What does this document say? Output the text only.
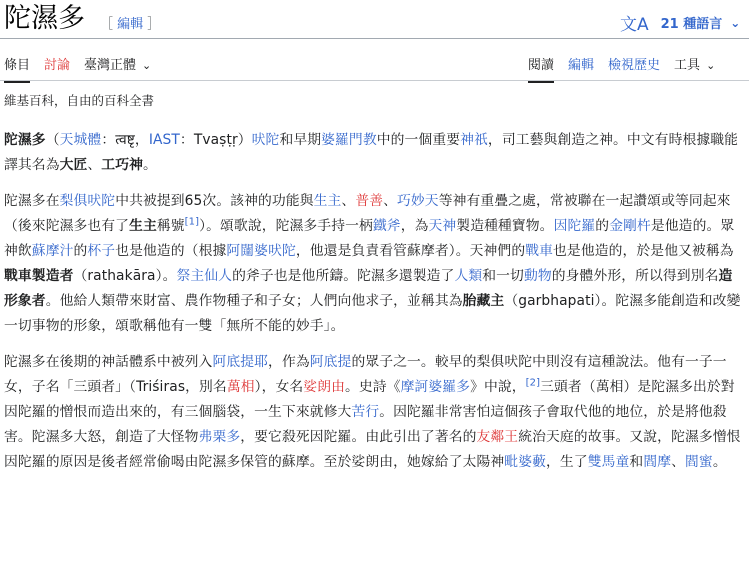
陀濕多 ［ 編輯 ］	文A 21 種語言 ⌄
條目 討論 臺灣正體 ⌄	閱讀 編輯 檢視歷史 工具 ⌄
維基百科，自由的百科全書

陀濕多（天城體：त्वष्टृ，IAST：Tvaṣṭṛ）吠陀和早期婆羅門教中的一個重要神祇，司工藝與創造之神。中文有時根據職能譯其名為大匠、工巧神。

陀濕多在梨俱吠陀中共被提到65次。該神的功能與生主、普善、巧妙天等神有重疊之處，常被聯在一起讚頌或等同起來（後來陀濕多也有了生主稱號[1]）。頌歌說，陀濕多手持一柄鐵斧，為天神製造種種寶物。因陀羅的金剛杵是他造的。眾神飲蘇摩汁的杯子也是他造的（根據阿闥婆吠陀，他還是負責看管蘇摩者）。天神們的戰車也是他造的，於是他又被稱為戰車製造者（rathakāra）。祭主仙人的斧子也是他所鑄。陀濕多還製造了人類和一切動物的身體外形，所以得到別名造形象者。他給人類帶來財富、農作物種子和子女；人們向他求子，並稱其為胎藏主（garbhapati）。陀濕多能創造和改變一切事物的形象，頌歌稱他有一雙「無所不能的妙手」。

陀濕多在後期的神話體系中被列入阿底提耶，作為阿底提的眾子之一。較早的梨俱吠陀中則沒有這種說法。他有一子一女，子名「三頭者」（Triśiras，別名萬相），女名娑朗由。史詩《摩訶婆羅多》中說，[2]三頭者（萬相）是陀濕多出於對因陀羅的憎恨而造出來的，有三個腦袋，一生下來就修大苦行。因陀羅非常害怕這個孩子會取代他的地位，於是將他殺害。陀濕多大怒，創造了大怪物弗栗多，要它殺死因陀羅。由此引出了著名的友鄰王統治天庭的故事。又說，陀濕多憎恨因陀羅的原因是後者經常偷喝由陀濕多保管的蘇摩。至於娑朗由，她嫁給了太陽神毗婆藪，生了雙馬童和閻摩、閻蜜。
